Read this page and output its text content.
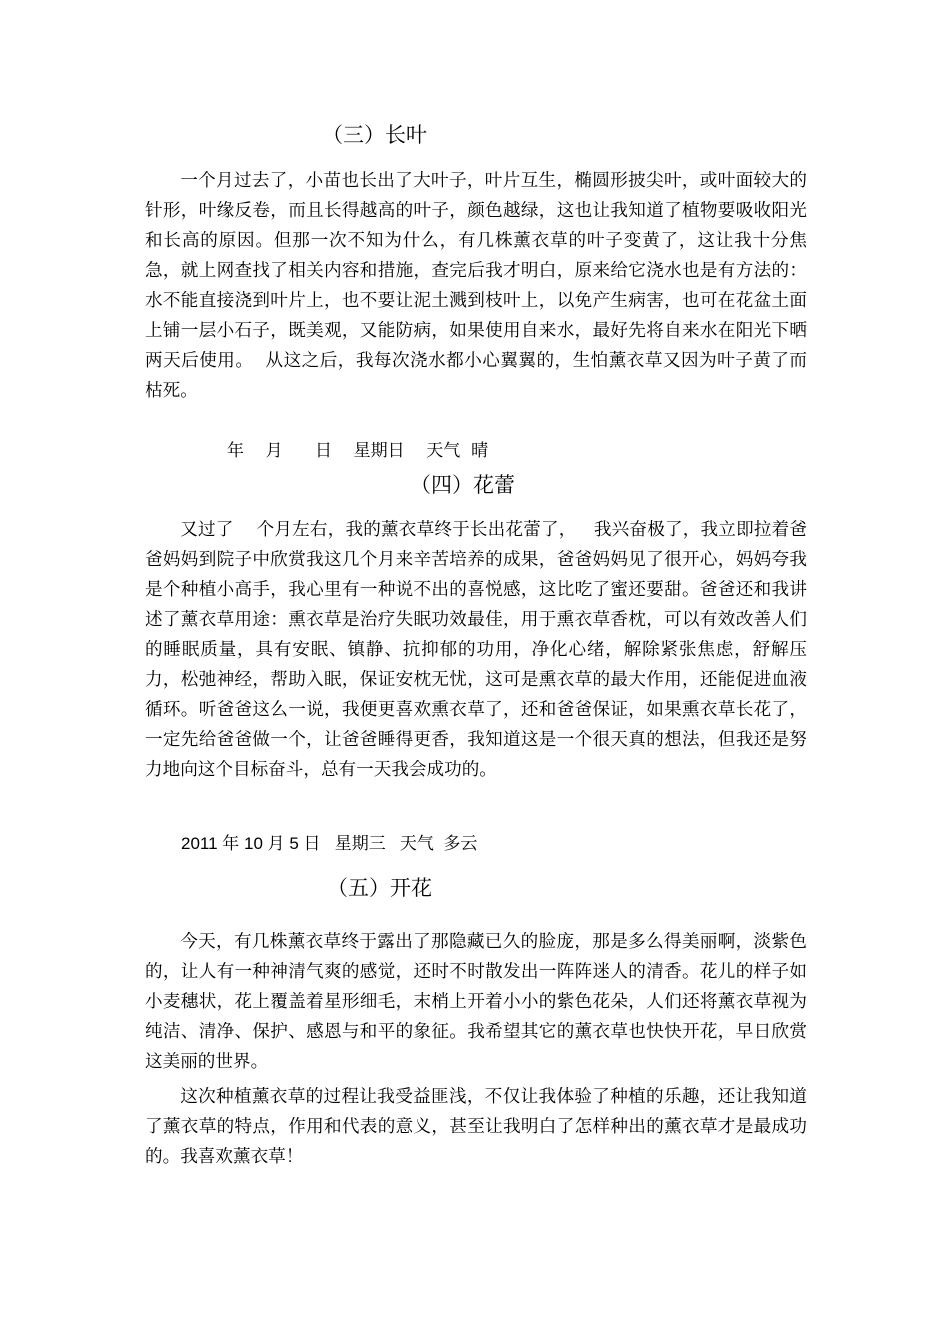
（三）长叶
一个月过去了，小苗也长出了大叶子，叶片互生，椭圆形披尖叶，或叶面较大的针形，叶缘反卷，而且长得越高的叶子，颜色越绿，这也让我知道了植物要吸收阳光和长高的原因。但那一次不知为什么，有几株薰衣草的叶子变黄了，这让我十分焦急，就上网查找了相关内容和措施，查完后我才明白，原来给它浇水也是有方法的：水不能直接浇到叶片上，也不要让泥土溅到枝叶上，以免产生病害，也可在花盆土面上铺一层小石子，既美观，又能防病，如果使用自来水，最好先将自来水在阳光下晒两天后使用。  从这之后，我每次浇水都小心翼翼的，生怕薰衣草又因为叶子黄了而枯死。
年    月      日    星期日    天气  晴
（四）花蕾
又过了    个月左右，我的薰衣草终于长出花蕾了，   我兴奋极了，我立即拉着爸爸妈妈到院子中欣赏我这几个月来辛苦培养的成果，爸爸妈妈见了很开心，妈妈夸我是个种植小高手，我心里有一种说不出的喜悦感，这比吃了蜜还要甜。爸爸还和我讲述了薰衣草用途：熏衣草是治疗失眠功效最佳，用于熏衣草香枕，可以有效改善人们的睡眠质量，具有安眠、镇静、抗抑郁的功用，净化心绪，解除紧张焦虑，舒解压力，松弛神经，帮助入眠，保证安枕无忧，这可是熏衣草的最大作用，还能促进血液循环。听爸爸这么一说，我便更喜欢熏衣草了，还和爸爸保证，如果熏衣草长花了，一定先给爸爸做一个，让爸爸睡得更香，我知道这是一个很天真的想法，但我还是努力地向这个目标奋斗，总有一天我会成功的。
2011 年 10 月 5 日   星期三   天气  多云
（五）开花
今天，有几株薰衣草终于露出了那隐藏已久的脸庞，那是多么得美丽啊，淡紫色的，让人有一种神清气爽的感觉，还时不时散发出一阵阵迷人的清香。花儿的样子如小麦穗状，花上覆盖着星形细毛，末梢上开着小小的紫色花朵，人们还将薰衣草视为纯洁、清净、保护、感恩与和平的象征。我希望其它的薰衣草也快快开花，早日欣赏这美丽的世界。
这次种植薰衣草的过程让我受益匪浅，不仅让我体验了种植的乐趣，还让我知道了薰衣草的特点，作用和代表的意义，甚至让我明白了怎样种出的薰衣草才是最成功的。我喜欢薰衣草！
